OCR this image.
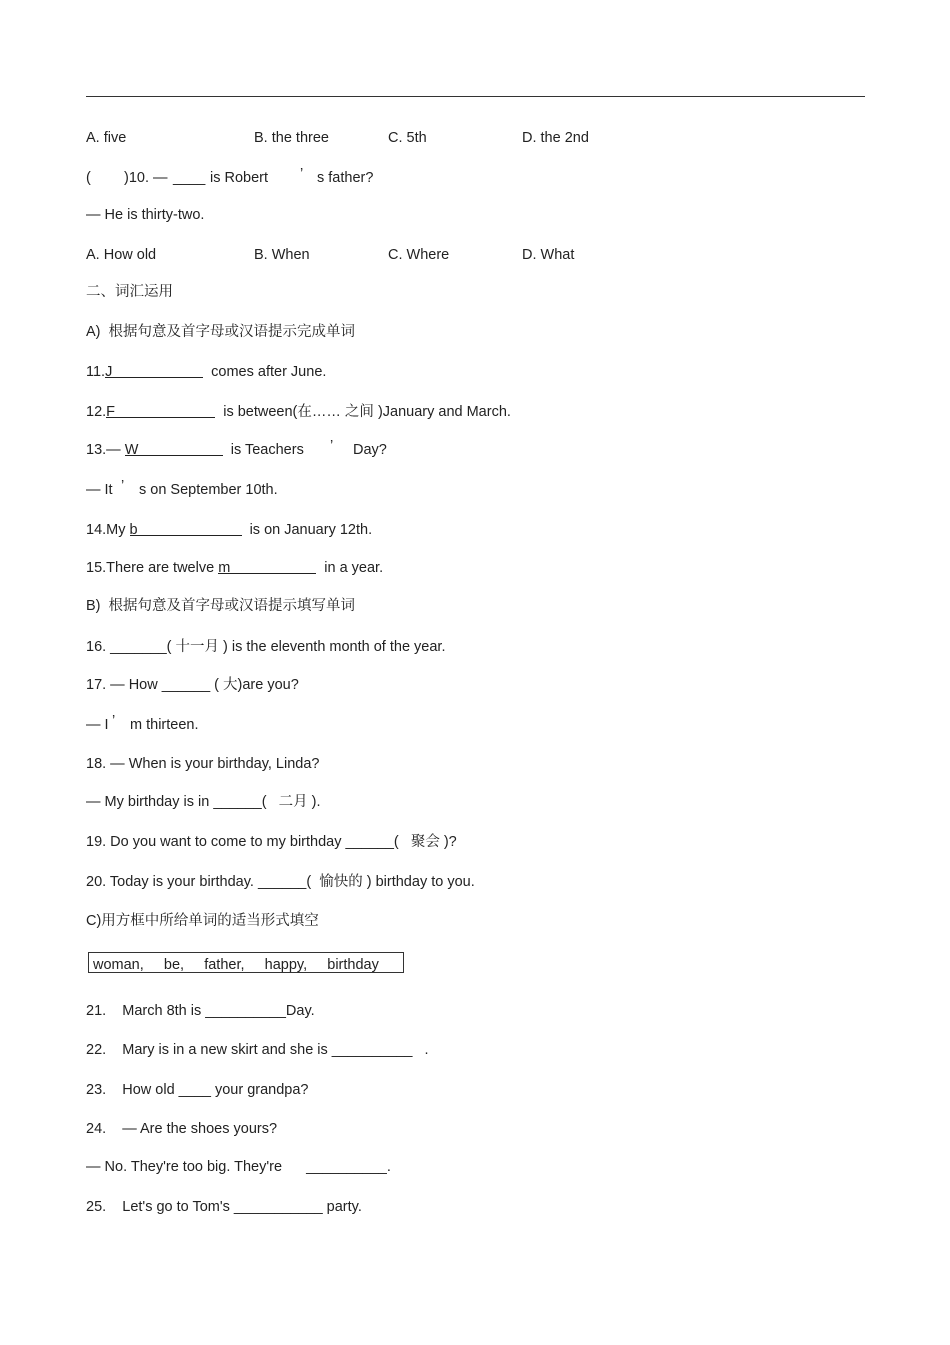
A. five	B. the three	C. 5th	D. the 2nd
( )10. — ____ is Robert ’ s father?
— He is thirty-two.
A. How old	B. When	C. Where	D. What
二、词汇运用
A)  根据句意及首字母或汉语提示完成单词
11.J	comes after June.
12.F	is between(在…… 之间 )January and March.
13.— W	is Teachers ’ Day?
— It ’ s on September 10th.
14.My b	is on January 12th.
15.There are twelve m	in a year.
B)  根据句意及首字母或汉语提示填写单词
16. _______( 十一月 ) is the eleventh month of the year.
17. — How ______ ( 大)are you?
— I ’ m thirteen.
18. — When is your birthday, Linda?
— My birthday is in ______(   二月 ).
19. Do you want to come to my birthday ______(   聚会 )?
20. Today is your birthday. ______(  愉快的 ) birthday to you.
C)用方框中所给单词的适当形式填空
woman,     be,     father,     happy,     birthday
21.    March 8th is __________Day.
22.    Mary is in a new skirt and she is __________   .
23.    How old ____ your grandpa?
24.    — Are the shoes yours?
— No. They're too big. They're      __________.
25.    Let's go to Tom's ___________ party.
